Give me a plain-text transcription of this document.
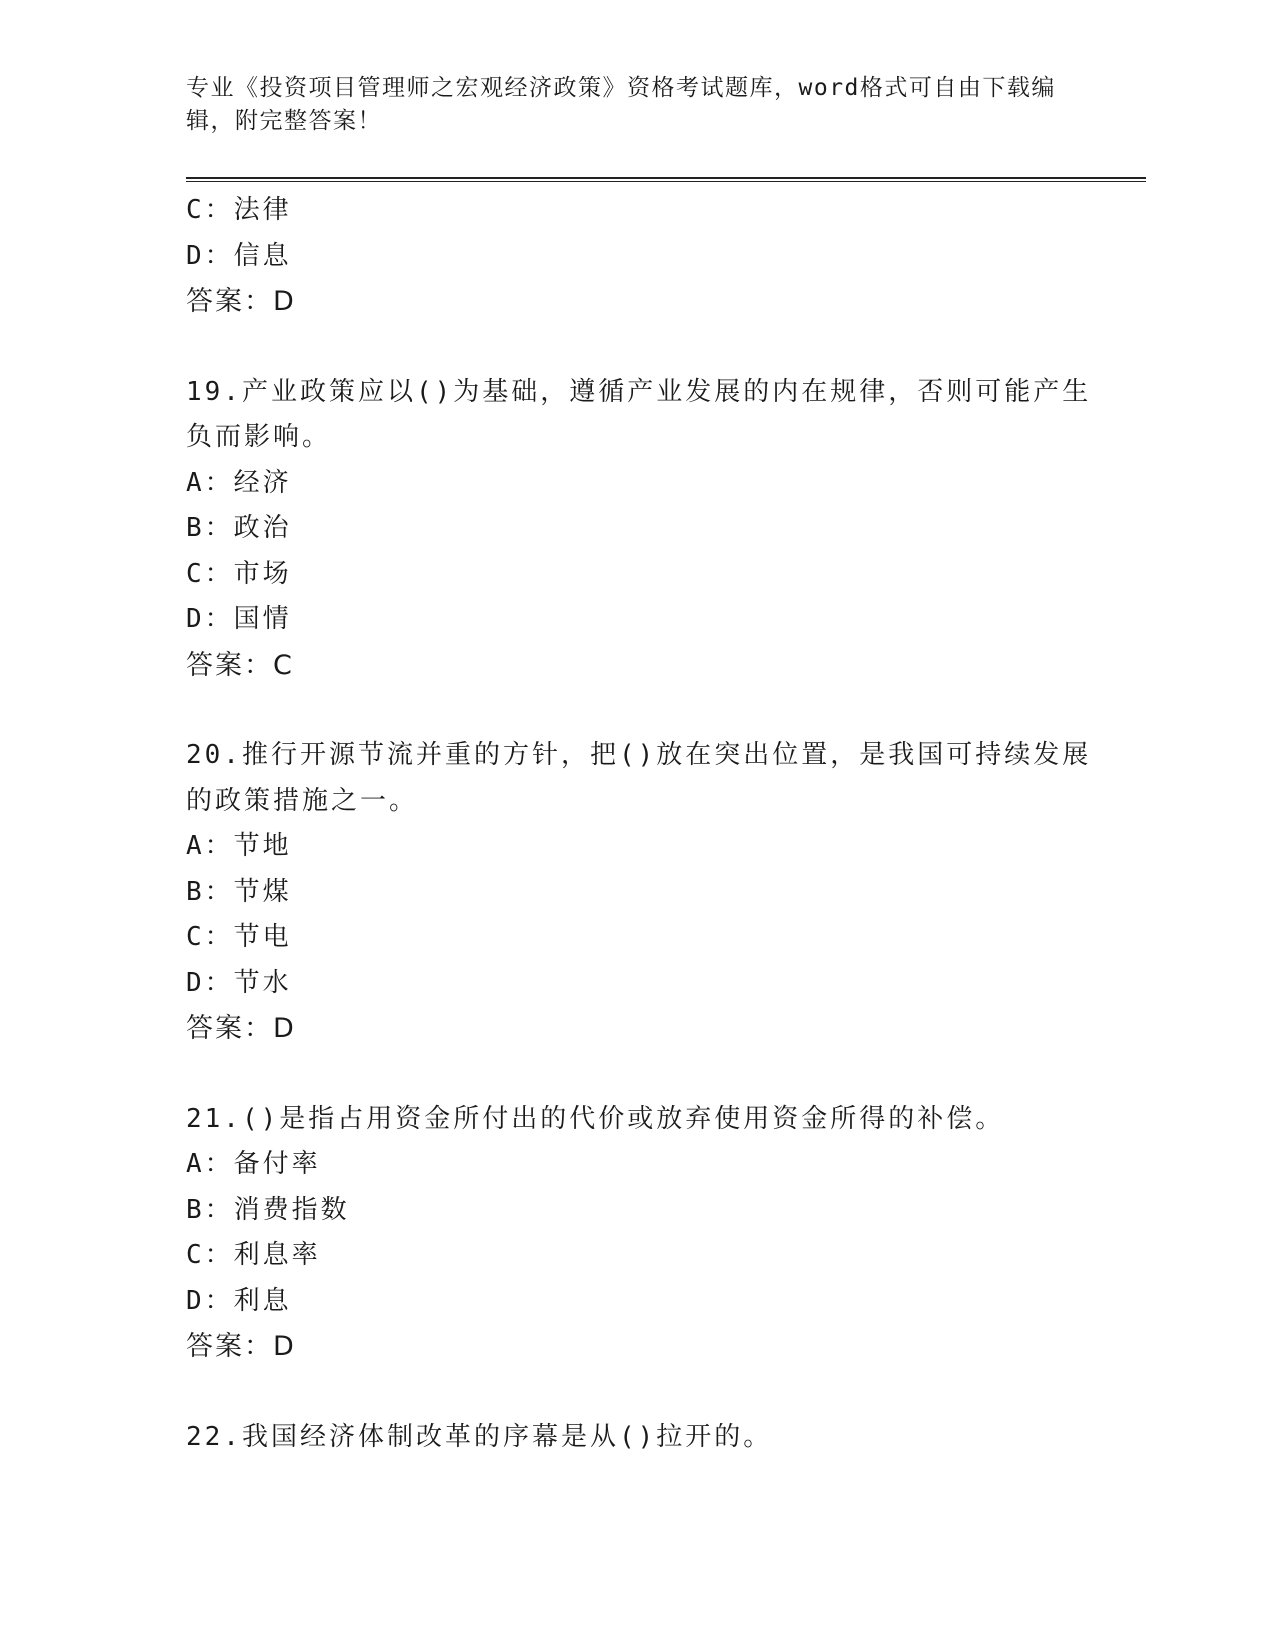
专业《投资项目管理师之宏观经济政策》资格考试题库，word格式可自由下载编
辑，附完整答案！
C：法律
D：信息
答案：D
19.产业政策应以()为基础，遵循产业发展的内在规律，否则可能产生
负而影响。
A：经济
B：政治
C：市场
D：国情
答案：C
20.推行开源节流并重的方针，把()放在突出位置，是我国可持续发展
的政策措施之一。
A：节地
B：节煤
C：节电
D：节水
答案：D
21.()是指占用资金所付出的代价或放弃使用资金所得的补偿。
A：备付率
B：消费指数
C：利息率
D：利息
答案：D
22.我国经济体制改革的序幕是从()拉开的。
